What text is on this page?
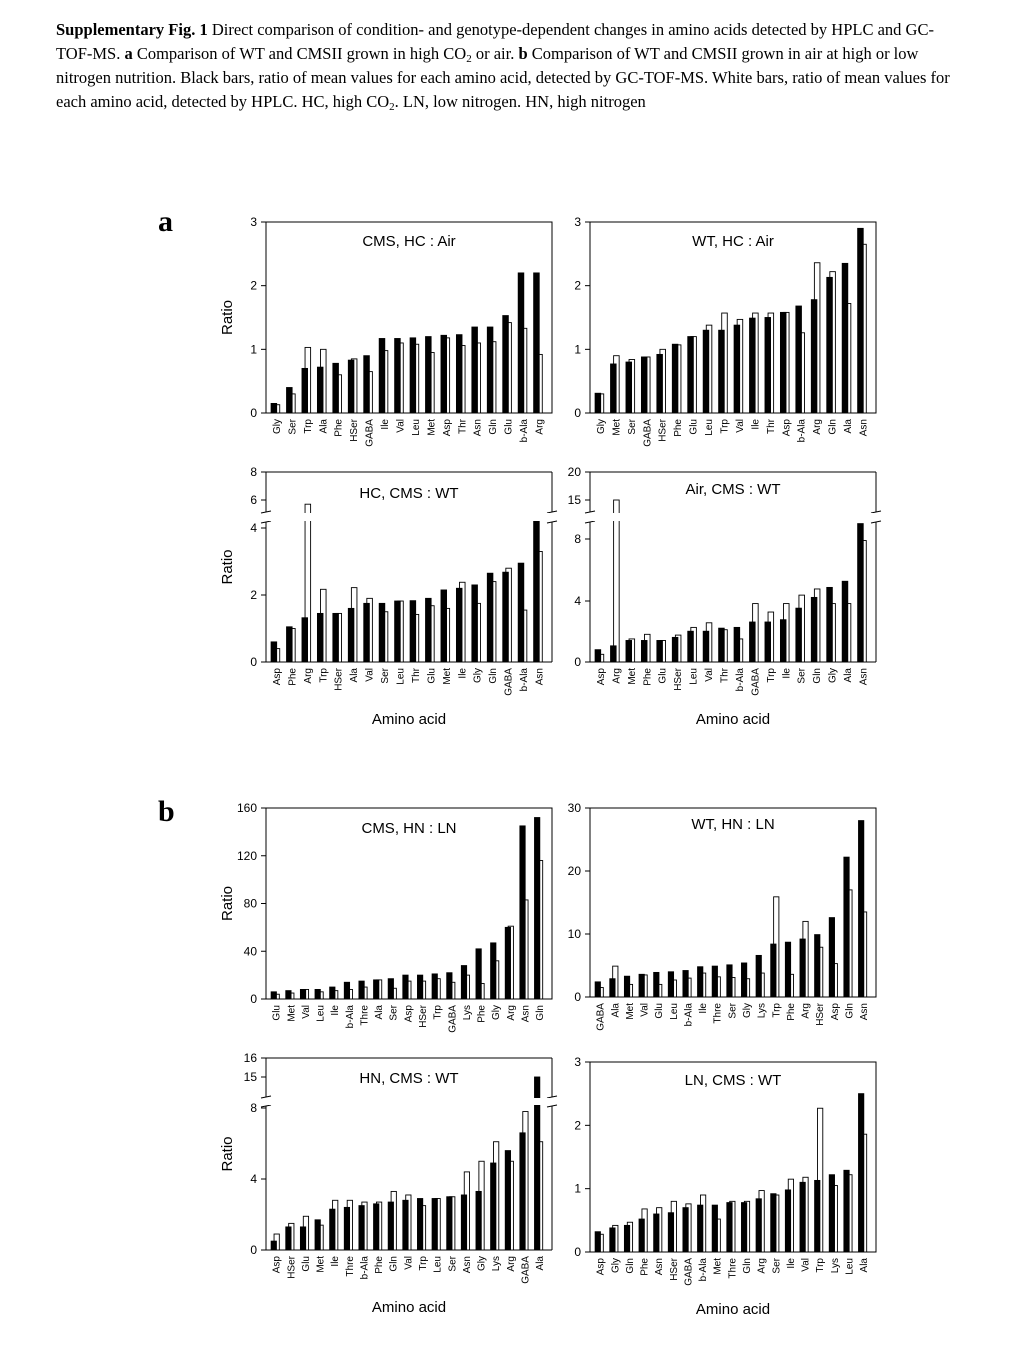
Supplementary Fig. 1 Direct comparison of condition- and genotype-dependent changes in amino acids detected by HPLC and GC-TOF-MS. a Comparison of WT and CMSII grown in high $CO_2$ or air. b Comparison of WT and CMSII grown in air at high or low nitrogen nutrition. Black bars, ratio of mean values for each amino acid, detected by GC-TOF-MS. White bars, ratio of mean values for each amino acid, detected by HPLC. HC, high $CO_2$. LN, low nitrogen. HN, high nitrogen
a
b
0
1
2
3
Gly Ser Trp Ala Phe HSer GABA Ile Val Leu Met Asp Thr Asn Gln Glu b-Ala Arg
CMS, HC : Air
Ratio
0
1
2
3
Gly Met Ser GABA HSer Phe Glu Leu Trp Val Ile Thr Asp b-Ala Arg Gln Ala Asn
WT, HC : Air
0
2
4
6
8
Asp Phe Arg Trp HSer Ala Val Ser Leu Thr Glu Met Ile Gly Gln GABA b-Ala Asn
HC, CMS : WT
Ratio
Amino acid
0
4
8
15
20
Asp Arg Met Phe Glu HSer Leu Val Thr b-Ala GABA Trp Ile Ser Gln Gly Ala Asn
Air, CMS : WT
Amino acid
0
40
80
120
160
Glu Met Val Leu Ile b-Ala Thre Ala Ser Asp HSer Trp GABA Lys Phe Gly Arg Asn Gln
CMS, HN : LN
Ratio
0
10
20
30
GABA Ala Met Val Glu Leu b-Ala Ile Thre Ser Gly Lys Trp Phe Arg HSer Asp Gln Asn
WT, HN : LN
0
4
8
15
16
Asp HSer Glu Met Ile Thre b-Ala Phe Gln Val Trp Leu Ser Asn Gly Lys Arg GABA Ala
HN, CMS : WT
Ratio
Amino acid
0
1
2
3
Asp Gly Gln Phe Asn HSer GABA b-Ala Met Thre Gln Arg Ser Ile Val Trp Lys Leu Ala
LN, CMS : WT
Amino acid
